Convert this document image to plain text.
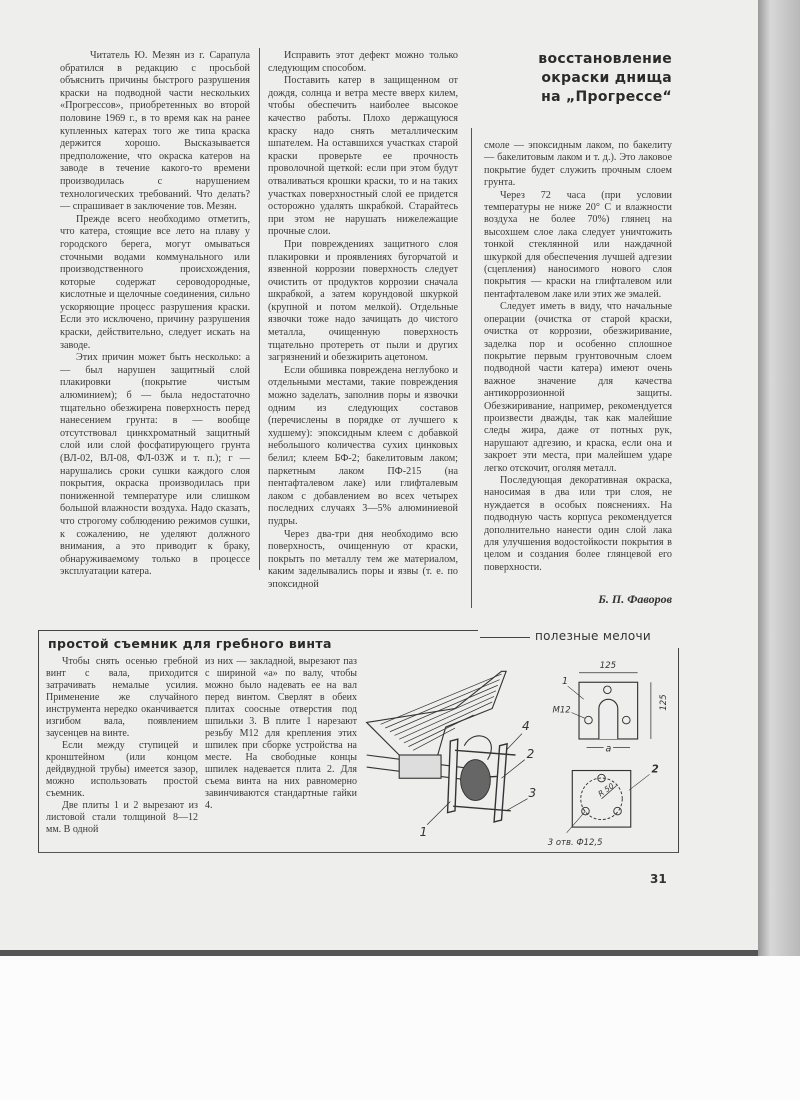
восстановление
окраски днища
на „Прогрессе“

Читатель Ю. Мезян из г. Сарапула обратился в редакцию с просьбой объяснить причины быстрого разрушения краски на подводной части нескольких «Прогрессов», приобретенных во второй половине 1969 г., в то время как на ранее купленных катерах того же типа краска держится хорошо. Высказывается предположение, что окраска катеров на заводе в течение какого-то времени производилась с нарушением технологических требований. Что делать? — спрашивает в заключение тов. Мезян.

Прежде всего необходимо отметить, что катера, стоящие все лето на плаву у городского берега, могут омываться сточными водами коммунального или производственного происхождения, которые содержат сероводородные, кислотные и щелочные соединения, сильно ускоряющие процесс разрушения краски. Если это исключено, причину разрушения краски, действительно, следует искать на заводе.

Этих причин может быть несколько: а — был нарушен защитный слой плакировки (покрытие чистым алюминием); б — была недостаточно тщательно обезжирена поверхность перед нанесением грунта: в — вообще отсутствовал цинкхроматный защитный слой или слой фосфатирующего грунта (ВЛ-02, ВЛ-08, ФЛ-03Ж и т. п.); г — нарушались сроки сушки каждого слоя покрытия, окраска производилась при пониженной температуре или слишком большой влажности воздуха. Надо сказать, что строгому соблюдению режимов сушки, к сожалению, не уделяют должного внимания, а это приводит к браку, обнаруживаемому только в процессе эксплуатации катера.

Исправить этот дефект можно только следующим способом.

Поставить катер в защищенном от дождя, солнца и ветра месте вверх килем, чтобы обеспечить наиболее высокое качество работы. Плохо держащуюся краску надо снять металлическим шпателем. На оставшихся участках старой краски проверьте ее прочность проволочной щеткой: если при этом будут отваливаться крошки краски, то и на таких участках поверхностный слой ее придется осторожно удалять шкрабкой. Старайтесь при этом не нарушать нижележащие прочные слои.

При повреждениях защитного слоя плакировки и проявлениях бугорчатой и язвенной коррозии поверхность следует очистить от продуктов коррозии сначала шкрабкой, а затем корундовой шкуркой (крупной и потом мелкой). Отдельные язвочки тоже надо зачищать до чистого металла, очищенную поверхность тщательно протереть от пыли и других загрязнений и обезжирить ацетоном.

Если обшивка повреждена неглубоко и отдельными местами, такие повреждения можно заделать, заполнив поры и язвочки одним из следующих составов (перечислены в порядке от лучшего к худшему): эпоксидным клеем с добавкой небольшого количества сухих цинковых белил; клеем БФ-2; бакелитовым лаком; паркетным лаком ПФ-215 (на пентафталевом лаке) или глифталевым лаком с добавлением во всех четырех последних случаях 3—5% алюминиевой пудры.

Через два-три дня необходимо всю поверхность, очищенную от краски, покрыть по металлу тем же материалом, каким заделывались поры и язвы (т. е. по эпоксидной

смоле — эпоксидным лаком, по бакелиту — бакелитовым лаком и т. д.). Это лаковое покрытие будет служить прочным слоем грунта.

Через 72 часа (при условии температуры не ниже 20° С и влажности воздуха не более 70%) глянец на высохшем слое лака следует уничтожить тонкой стеклянной или наждачной шкуркой для обеспечения лучшей адгезии (сцепления) наносимого нового слоя покрытия — краски на глифталевом или пентафталевом лаке или этих же эмалей.

Следует иметь в виду, что начальные операции (очистка от старой краски, очистка от коррозии, обезжиривание, заделка пор и особенно сплошное покрытие первым грунтовочным слоем подводной части катера) имеют очень важное значение для качества антикоррозионной защиты. Обезжиривание, например, рекомендуется произвести дважды, так как малейшие следы жира, даже от потных рук, нарушают адгезию, и краска, если она и закроет эти места, при малейшем ударе легко отскочит, оголяя металл.

Последующая декоративная окраска, наносимая в два или три слоя, не нуждается в особых пояснениях. На подводную часть корпуса рекомендуется дополнительно нанести один слой лака для улучшения водостойкости покрытия в целом и создания более глянцевой его поверхности.

Б. П. Фаворов
полезные мелочи
простой съемник для гребного винта

Чтобы снять осенью гребной винт с вала, приходится затрачивать немалые усилия. Применение же случайного инструмента нередко оканчивается изгибом вала, появлением заусенцев на винте.

Если между ступицей и кронштейном (или концом дейдвудной трубы) имеется зазор, можно использовать простой съемник.

Две плиты 1 и 2 вырезают из листовой стали толщиной 8—12 мм. В одной

из них — закладной, вырезают паз с шириной «а» по валу, чтобы можно было надевать ее на вал перед винтом. Сверлят в обеих плитах соосные отверстия под шпильки 3. В плите 1 нарезают резьбу М12 для крепления этих шпилек при сборке устройства на месте. На свободные концы шпилек надевается плита 2. Для съема винта на них равномерно завинчиваются стандартные гайки 4.

1
4
2
3
125
125
а
1
М12
R 50
2
3 отв. Ф12,5
31
